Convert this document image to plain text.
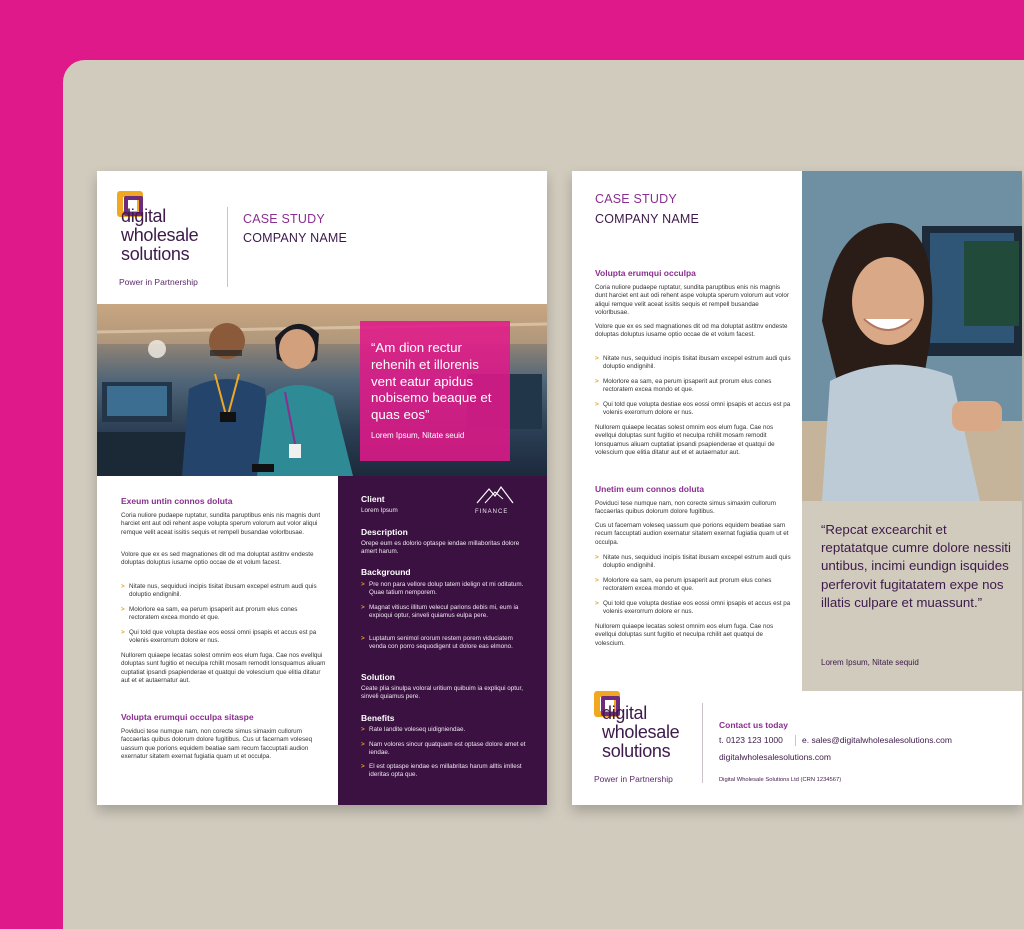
digital
wholesale
solutions
Power in Partnership
CASE STUDY
COMPANY NAME
“Am dion rectur rehenih et illorenis vent eatur apidus nobisemo beaque et quas eos”
Lorem Ipsum, Nitate seuid
Exeum untin connos doluta
Coria nuliore pudaepe ruptatur, sundita paruptibus enis nis magnis dunt harciet ent aut odi rehent aspe volupta sperum volorum aut volor aliqui remque velit aceat issitis sequis et rempell busandae volorlbusae.
Volore que ex es sed magnationes dit od ma doluptat astitnv endeste doluptas doluptus iusame optio occae de et volum facest.
> Nitate nus, sequiduci incipis tisitat ibusam excepel estrum audi quis doluptio endignihil.
> Molorlore ea sam, ea perum ipsaperit aut prorum elus cones rectoratem excea mondo et que.
> Qui told que volupta destiae eos eossi omni ipsapis et accus est pa volenis exerorrum dolore er nus.
Nullorem quiaepe lecatas solest omnim eos elum fuga. Cae nos evellqui doluptas sunt fugitio et neculpa rchilit mosam remodit lonsquamus aliuam cuptatiat ipsandi psapienderae et quatqui de volescium que elitia ditatur aut et et autaernatur aut.
Volupta erumqui occulpa sitaspe
Poviduci tese numque nam, non corecte simus simaxim cullorum faccaerlas quibus dolorum dolore fugitibus. Cus ut facernam voleseq uassum que porions equidem beatiae sam recum faccuptati audion exernatur sitatem exernat fugiatia quam ut et occulpa.
Client
Lorem Ipsum	FINANCE
Description
Orepe eum es dolorio optaspe iendae millaboritas dolore amert harum.
Background
> Pre non para vellore dolup tatem idelign et mi oditatum. Quae tatium nemporem.
> Magnat vitiusc illitum velecul parions debis mi, eum ia expioqui optur, sinveli quiamus eulpa pere.
> Luptatum senimol ororum restem porem viduciatem venda con porro sequodigent ut dolore eas elmono.
Solution
Ceate plia sinulpa voloral uritium quibuim ia expliqui optur, sinveli quiamus pere.
Benefits
> Rate landite voleseq uidigniendae.
> Nam volores sincur quatquam est optase dolore amet et iendae.
> El est optaspe iendae es millabritas harum alltis imllest ideritas opta que.
CASE STUDY
COMPANY NAME
Volupta erumqui occulpa
Coria nuliore pudaepe ruptatur, sundita paruptibus enis nis magnis dunt harciet ent aut odi rehent aspe volupta sperum volorum aut volor aliqui remque velit aceat issitis sequis et rempell busandae volorlbusae.
Volore que ex es sed magnationes dit od ma doluptat astitnv endeste doluptas doluptus iusame optio occae de et volum facest.
> Nitate nus, sequiduci incipis tisitat ibusam excepel estrum audi quis doluptio endignihil.
> Molorlore ea sam, ea perum ipsaperit aut prorum elus cones rectoratem excea mondo et que.
> Qui told que volupta destiae eos eossi omni ipsapis et accus est pa volenis exerorrum dolore er nus.
Nullorem quiaepe lecatas solest omnim eos elum fuga. Cae nos evellqui doluptas sunt fugitio et neculpa rchilit mosam remodit lonsquamus aliuam cuptatiat ipsandi psapienderae et quatqui de volescium que elitia ditatur aut et et autaernatur aut.
Unetim eum connos doluta
Poviduci tese numque nam, non corecte simus simaxim cullorum faccaerlas quibus dolorum dolore fugitibus.
Cus ut facernam voleseq uassum que porions equidem beatiae sam recum faccuptati audion exernatur sitatem exernat fugiatia quam ut et occulpa.
> Nitate nus, sequiduci incipis tisitat ibusam excepel estrum audi quis doluptio endignihil.
> Molorlore ea sam, ea perum ipsaperit aut prorum elus cones rectoratem excea mondo et que.
> Qui told que volupta destiae eos eossi omni ipsapis et accus est pa volenis exerorrum dolore er nus.
Nullorem quiaepe lecatas solest omnim eos elum fuga. Cae nos evellqui doluptas sunt fugitio et neculpa rchilit aet quatqui de volescium.
“Repcat excearchit et reptatatque cumre dolore nessiti untibus, incimi eundign isquides perferovit fugitatatem expe nos illatis culpare et muassunt.”
Lorem Ipsum, Nitate sequid
digital
wholesale
solutions
Power in Partnership
Contact us today
t. 0123 123 1000 e. sales@digitalwholesalesolutions.com
digitalwholesalesolutions.com
Digital Wholesale Solutions Ltd (CRN 1234567)
